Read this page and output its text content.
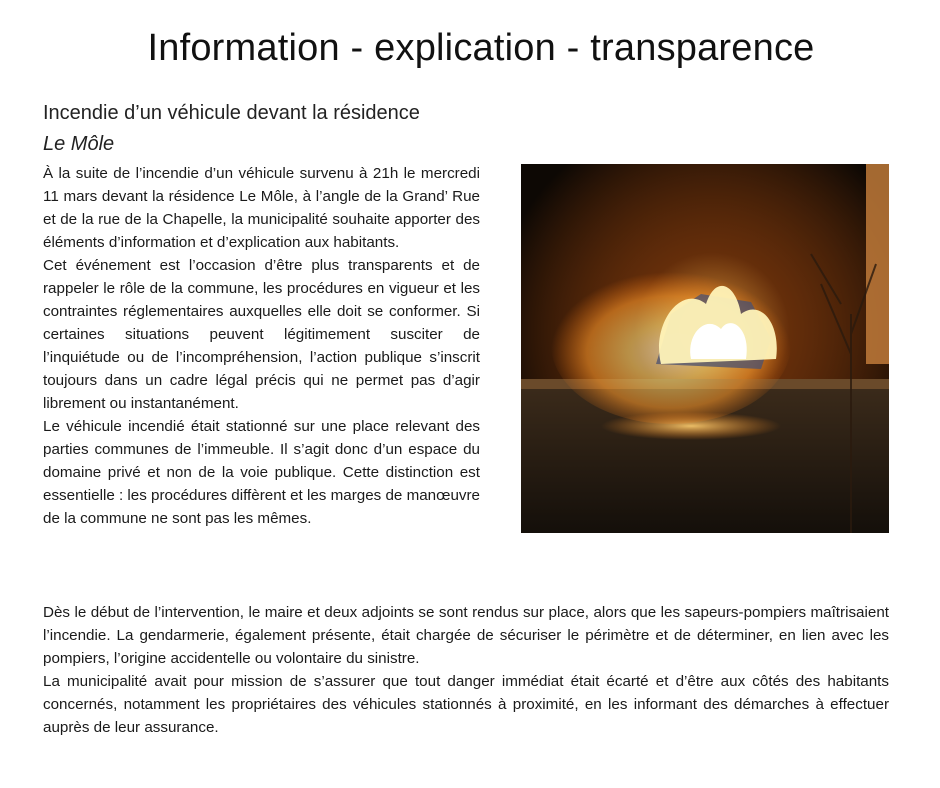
Information - explication - transparence
Incendie d’un véhicule devant la résidence
Le Môle

À la suite de l’incendie d’un véhicule survenu à 21h le mercredi 11 mars devant la résidence Le Môle, à l’angle de la Grand’ Rue et de la rue de la Chapelle, la municipalité souhaite apporter des éléments d’information et d’explication aux habitants.

Cet événement est l’occasion d’être plus transparents et de rappeler le rôle de la commune, les procédures en vigueur et les contraintes réglementaires auxquelles elle doit se conformer. Si certaines situations peuvent légitimement susciter de l’inquiétude ou de l’incompréhension, l’action publique s’inscrit toujours dans un cadre légal précis qui ne permet pas d’agir librement ou instantanément.

Le véhicule incendié était stationné sur une place relevant des parties communes de l’immeuble. Il s’agit donc d’un espace du domaine privé et non de la voie publique. Cette distinction est essentielle : les procédures diffèrent et les marges de manœuvre de la commune ne sont pas les mêmes.

Dès le début de l’intervention, le maire et deux adjoints se sont rendus sur place, alors que les sapeurs-pompiers maîtrisaient l’incendie. La gendarmerie, également présente, était chargée de sécuriser le périmètre et de déterminer, en lien avec les pompiers, l’origine accidentelle ou volontaire du sinistre.

La municipalité avait pour mission de s’assurer que tout danger immédiat était écarté et d’être aux côtés des habitants concernés, notamment les propriétaires des véhicules stationnés à proximité, en les informant des démarches à effectuer auprès de leur assurance.
